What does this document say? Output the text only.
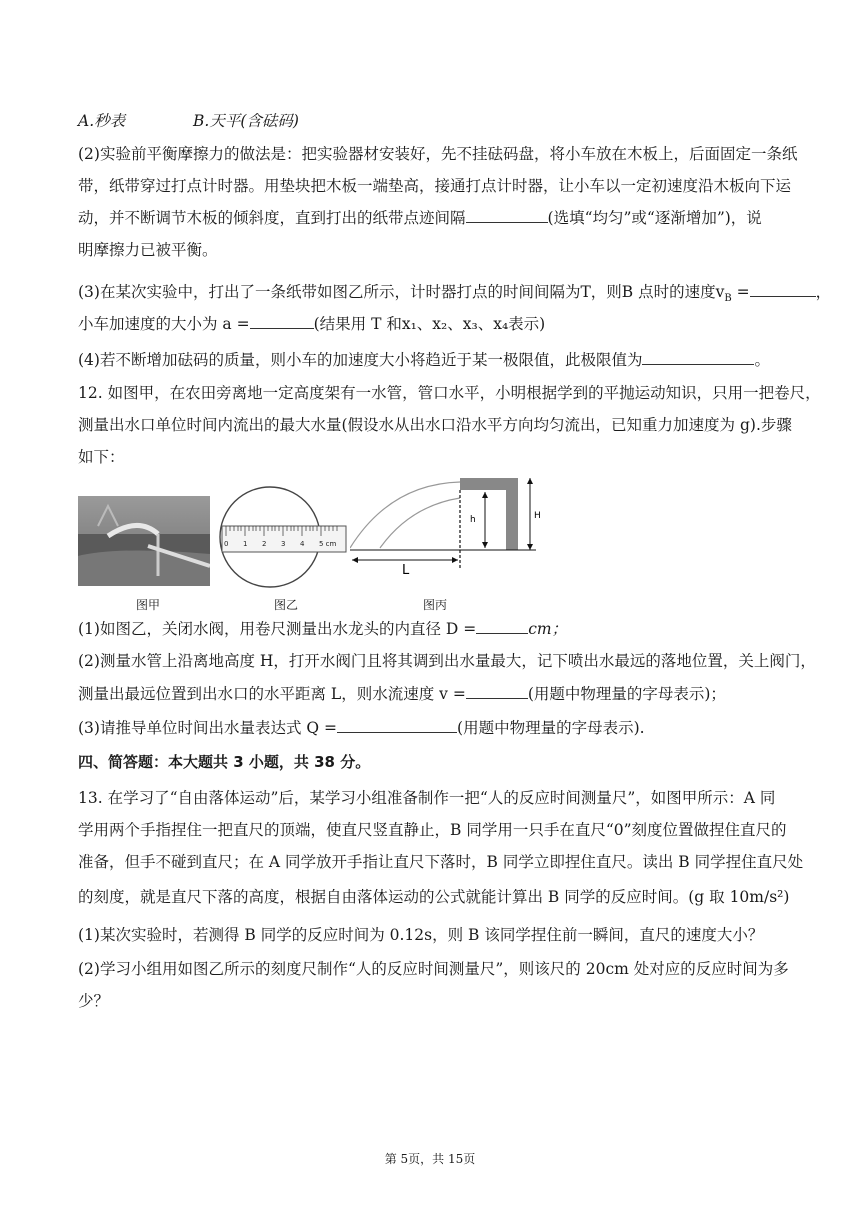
A.秒表	B.天平(含砝码)
(2)实验前平衡摩擦力的做法是：把实验器材安装好，先不挂砝码盘，将小车放在木板上，后面固定一条纸
带，纸带穿过打点计时器。用垫块把木板一端垫高，接通打点计时器，让小车以一定初速度沿木板向下运
动，并不断调节木板的倾斜度，直到打出的纸带点迹间隔	(选填“均匀”或“逐渐增加”)，说
明摩擦力已被平衡。
(3)在某次实验中，打出了一条纸带如图乙所示，计时器打点的时间间隔为T，则B 点时的速度$v_B$ =	，
小车加速度的大小为 a =	(结果用 T 和x₁、x₂、x₃、x₄表示)
(4)若不断增加砝码的质量，则小车的加速度大小将趋近于某一极限值，此极限值为	。
12. 如图甲，在农田旁离地一定高度架有一水管，管口水平，小明根据学到的平抛运动知识，只用一把卷尺，
测量出水口单位时间内流出的最大水量(假设水从出水口沿水平方向均匀流出，已知重力加速度为 g).步骤
如下：
0 1 2 3 4 5 cm
h	H
L
图甲	图乙	图丙
(1)如图乙，关闭水阀，用卷尺测量出水龙头的内直径 D =	cm；
(2)测量水管上沿离地高度 H，打开水阀门且将其调到出水量最大，记下喷出水最远的落地位置，关上阀门，
测量出最远位置到出水口的水平距离 L，则水流速度 v =	(用题中物理量的字母表示)；
(3)请推导单位时间出水量表达式 Q =	(用题中物理量的字母表示).
四、简答题：本大题共 3 小题，共 38 分。
13. 在学习了“自由落体运动”后，某学习小组准备制作一把“人的反应时间测量尺”，如图甲所示：A 同
学用两个手指捏住一把直尺的顶端，使直尺竖直静止，B 同学用一只手在直尺“0”刻度位置做捏住直尺的
准备，但手不碰到直尺；在 A 同学放开手指让直尺下落时，B 同学立即捏住直尺。读出 B 同学捏住直尺处
的刻度，就是直尺下落的高度，根据自由落体运动的公式就能计算出 B 同学的反应时间。(g 取 10m/s²)
(1)某次实验时，若测得 B 同学的反应时间为 0.12s，则 B 该同学捏住前一瞬间，直尺的速度大小？
(2)学习小组用如图乙所示的刻度尺制作“人的反应时间测量尺”，则该尺的 20cm 处对应的反应时间为多
少？
第 5页，共 15页
